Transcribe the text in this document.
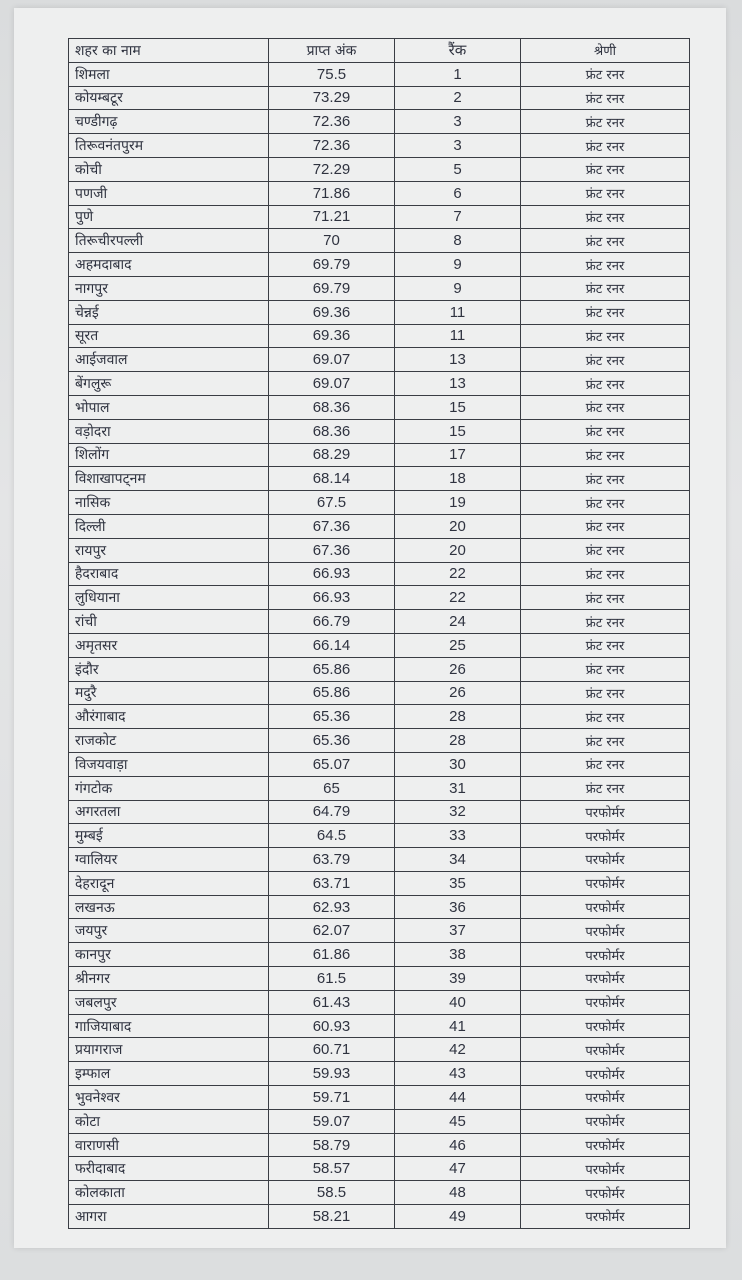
शहर का नाम	प्राप्त अंक	रैंक	श्रेणी
शिमला	75.5	1	फ्रंट रनर
कोयम्बटूर	73.29	2	फ्रंट रनर
चण्डीगढ़	72.36	3	फ्रंट रनर
तिरूवनंतपुरम	72.36	3	फ्रंट रनर
कोची	72.29	5	फ्रंट रनर
पणजी	71.86	6	फ्रंट रनर
पुणे	71.21	7	फ्रंट रनर
तिरूचीरपल्ली	70	8	फ्रंट रनर
अहमदाबाद	69.79	9	फ्रंट रनर
नागपुर	69.79	9	फ्रंट रनर
चेन्नई	69.36	11	फ्रंट रनर
सूरत	69.36	11	फ्रंट रनर
आईजवाल	69.07	13	फ्रंट रनर
बेंगलुरू	69.07	13	फ्रंट रनर
भोपाल	68.36	15	फ्रंट रनर
वड़ोदरा	68.36	15	फ्रंट रनर
शिलोंग	68.29	17	फ्रंट रनर
विशाखापट्नम	68.14	18	फ्रंट रनर
नासिक	67.5	19	फ्रंट रनर
दिल्ली	67.36	20	फ्रंट रनर
रायपुर	67.36	20	फ्रंट रनर
हैदराबाद	66.93	22	फ्रंट रनर
लुधियाना	66.93	22	फ्रंट रनर
रांची	66.79	24	फ्रंट रनर
अमृतसर	66.14	25	फ्रंट रनर
इंदौर	65.86	26	फ्रंट रनर
मदुरै	65.86	26	फ्रंट रनर
औरंगाबाद	65.36	28	फ्रंट रनर
राजकोट	65.36	28	फ्रंट रनर
विजयवाड़ा	65.07	30	फ्रंट रनर
गंगटोक	65	31	फ्रंट रनर
अगरतला	64.79	32	परफोर्मर
मुम्बई	64.5	33	परफोर्मर
ग्वालियर	63.79	34	परफोर्मर
देहरादून	63.71	35	परफोर्मर
लखनऊ	62.93	36	परफोर्मर
जयपुर	62.07	37	परफोर्मर
कानपुर	61.86	38	परफोर्मर
श्रीनगर	61.5	39	परफोर्मर
जबलपुर	61.43	40	परफोर्मर
गाजियाबाद	60.93	41	परफोर्मर
प्रयागराज	60.71	42	परफोर्मर
इम्फाल	59.93	43	परफोर्मर
भुवनेश्वर	59.71	44	परफोर्मर
कोटा	59.07	45	परफोर्मर
वाराणसी	58.79	46	परफोर्मर
फरीदाबाद	58.57	47	परफोर्मर
कोलकाता	58.5	48	परफोर्मर
आगरा	58.21	49	परफोर्मर
